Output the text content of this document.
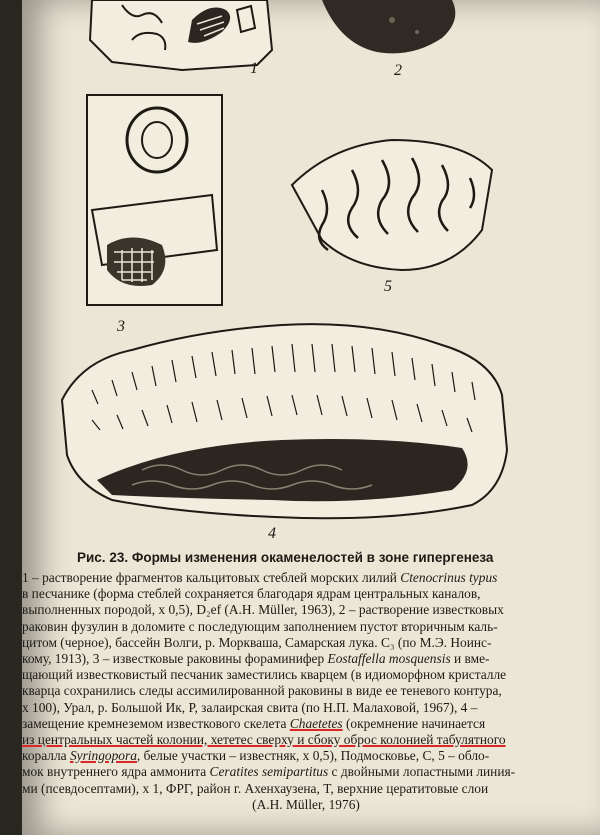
1	2
3
4
5
Рис. 23. Формы изменения окаменелостей в зоне гипергенеза
1 – растворение фрагментов кальцитовых стеблей морских лилий Ctenocrinus typus
в песчанике (форма стеблей сохраняется благодаря ядрам центральных каналов,
выполненных породой, х 0,5), D₂ef (A.H. Müller, 1963), 2 – растворение известковых
раковин фузулин в доломите с последующим заполнением пустот вторичным каль-
цитом (черное), бассейн Волги, р. Моркваша, Самарская лука. C₃ (по М.Э. Ноинс-
кому, 1913), 3 – известковые раковины фораминифер Eostaffella mosquensis и вме-
щающий известковистый песчаник заместились кварцем (в идиоморфном кристалле
кварца сохранились следы ассимилированной раковины в виде ее теневого контура,
х 100), Урал, р. Большой Ик, P, залаирская свита (по Н.П. Малаховой, 1967), 4 –
замещение кремнеземом известкового скелета Chaetetes (окремнение начинается
из центральных частей колонии, хететес сверху и сбоку оброс колонией табулятного
коралла Syringopora, белые участки – известняк, х 0,5), Подмосковье, C, 5 – обло-
мок внутреннего ядра аммонита Ceratites semipartitus с двойными лопастными линия-
ми (псевдосептами), х 1, ФРГ, район г. Ахенхаузена, T, верхние цератитовые слои
(A.H. Müller, 1976)
